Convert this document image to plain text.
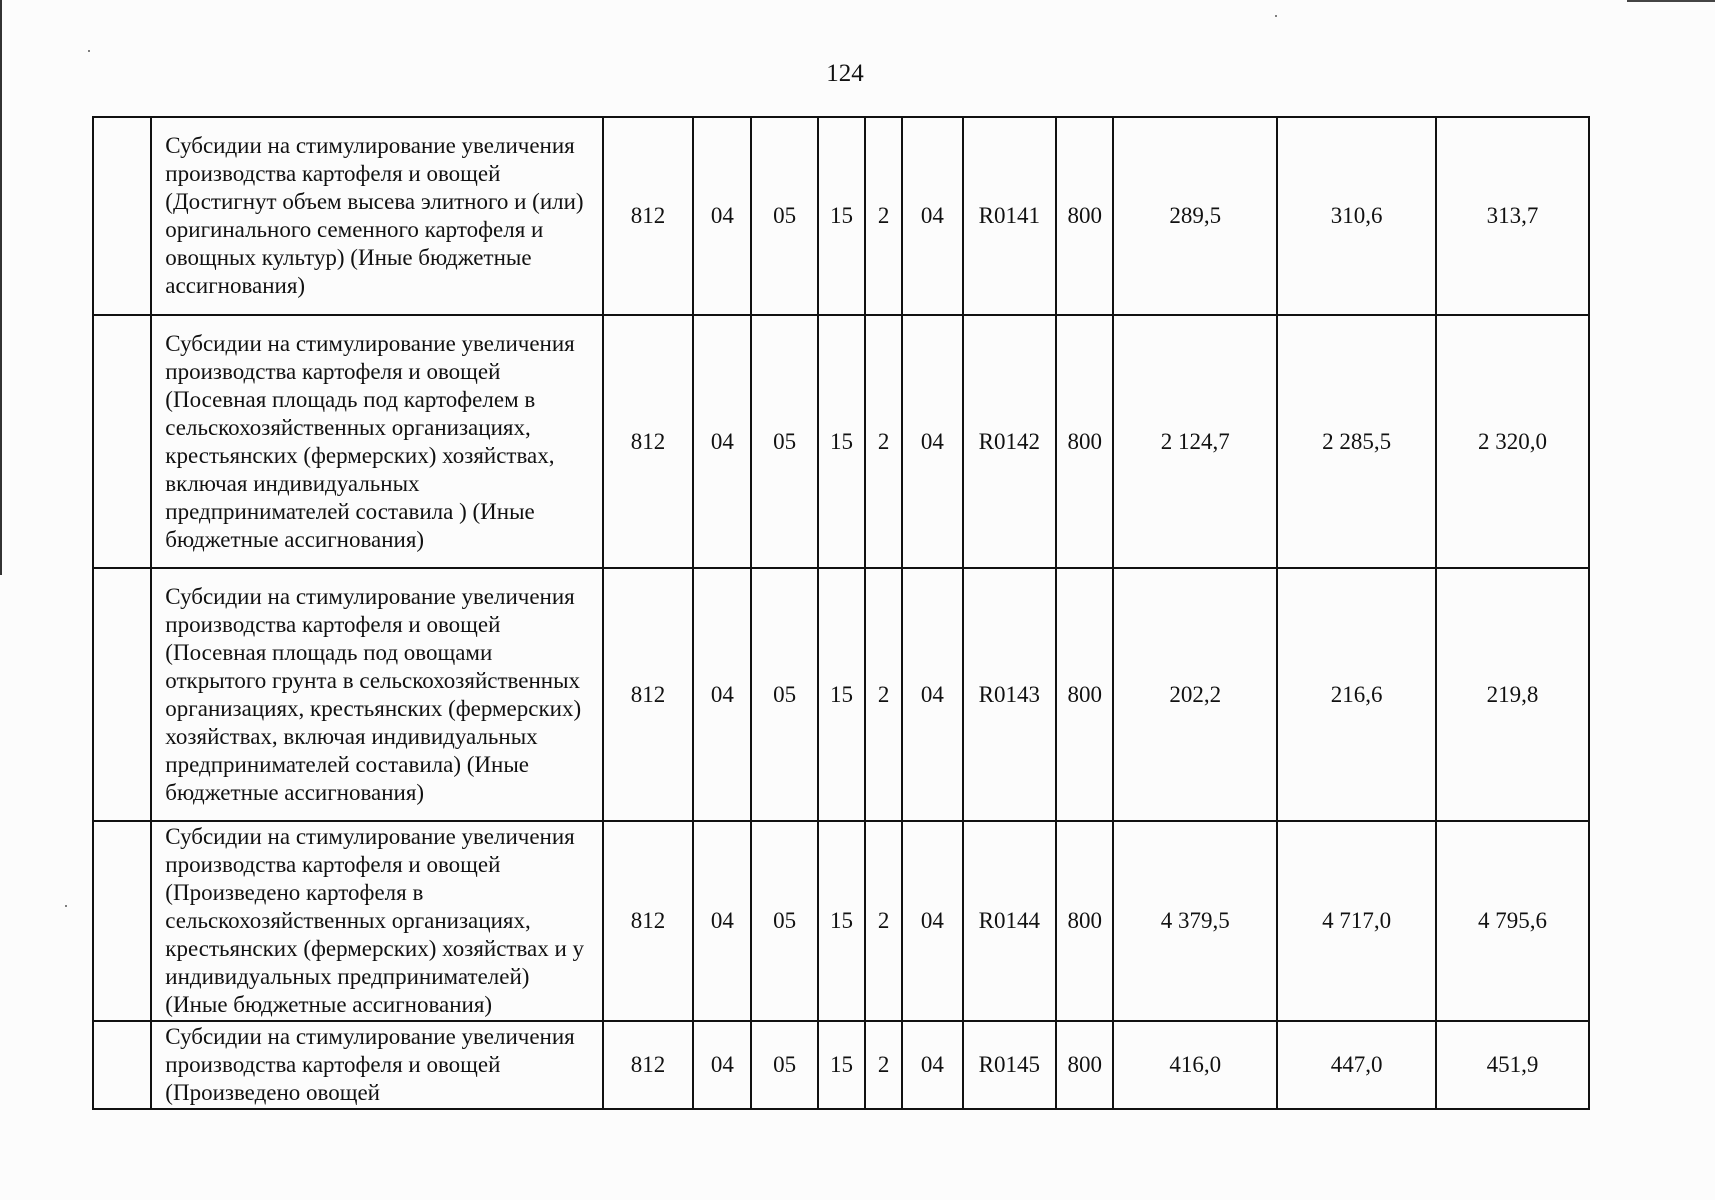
124
	Субсидии на стимулирование увеличения производства картофеля и овощей (Достигнут объем высева элитного и (или) оригинального семенного картофеля и овощных культур) (Иные бюджетные ассигнования)	812	04	05	15	2	04	R0141	800	289,5	310,6	313,7
	Субсидии на стимулирование увеличения производства картофеля и овощей (Посевная площадь под картофелем в сельскохозяйственных организациях, крестьянских (фермерских) хозяйствах, включая индивидуальных предпринимателей составила ) (Иные бюджетные ассигнования)	812	04	05	15	2	04	R0142	800	2 124,7	2 285,5	2 320,0
	Субсидии на стимулирование увеличения производства картофеля и овощей (Посевная площадь под овощами открытого грунта в сельскохозяйственных организациях, крестьянских (фермерских) хозяйствах, включая индивидуальных предпринимателей составила) (Иные бюджетные ассигнования)	812	04	05	15	2	04	R0143	800	202,2	216,6	219,8
	Субсидии на стимулирование увеличения производства картофеля и овощей (Произведено картофеля в сельскохозяйственных организациях, крестьянских (фермерских) хозяйствах и у индивидуальных предпринимателей) (Иные бюджетные ассигнования)	812	04	05	15	2	04	R0144	800	4 379,5	4 717,0	4 795,6
	Субсидии на стимулирование увеличения производства картофеля и овощей (Произведено овощей	812	04	05	15	2	04	R0145	800	416,0	447,0	451,9
